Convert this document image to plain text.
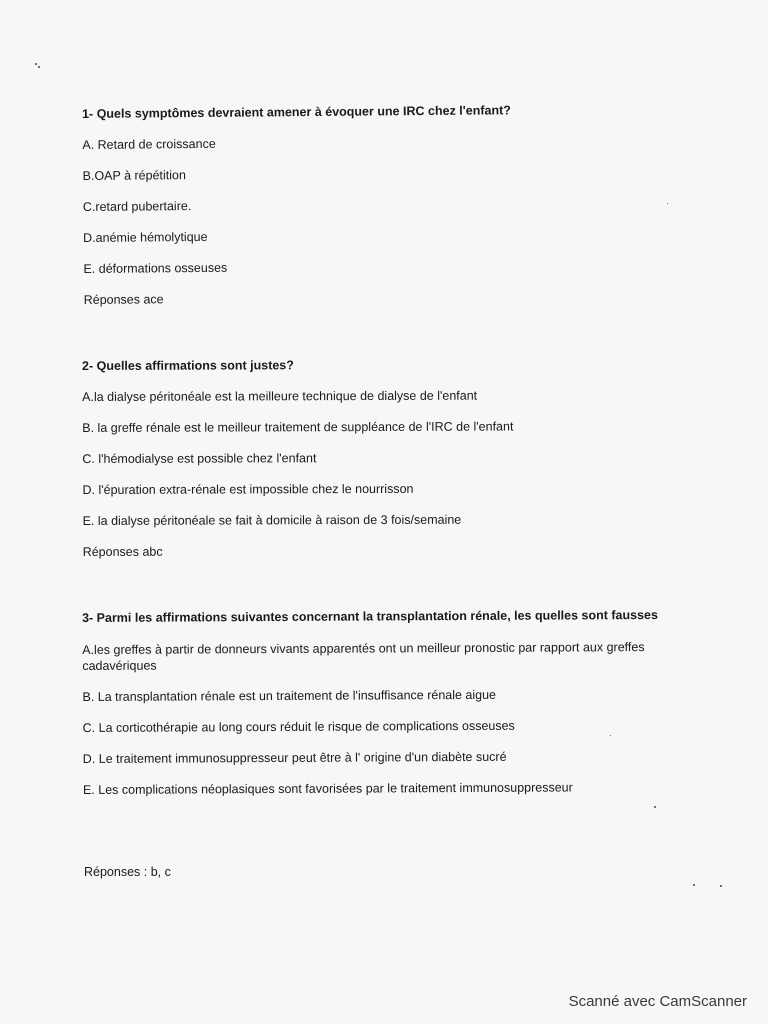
1- Quels symptômes devraient amener à évoquer une IRC chez l'enfant?

A. Retard de croissance

B.OAP à répétition

C.retard pubertaire.

D.anémie hémolytique

E. déformations osseuses

Réponses ace

2- Quelles affirmations sont justes?

A.la dialyse péritonéale est la meilleure technique de dialyse de l'enfant

B. la greffe rénale est le meilleur traitement de suppléance de l'IRC de l'enfant

C. l'hémodialyse est possible chez l'enfant

D. l'épuration extra-rénale est impossible chez le nourrisson

E. la dialyse péritonéale se fait à domicile à raison de 3 fois/semaine

Réponses abc

3- Parmi les affirmations suivantes concernant la transplantation rénale, les quelles sont fausses

A.les greffes à partir de donneurs vivants apparentés ont un meilleur pronostic par rapport aux greffes cadavériques

B. La transplantation rénale est un traitement de l'insuffisance rénale aigue

C. La corticothérapie au long cours réduit le risque de complications osseuses

D. Le traitement immunosuppresseur peut être à l' origine d'un diabète sucré

E. Les complications néoplasiques sont favorisées par le traitement immunosuppresseur

Réponses : b, c

Scanné avec CamScanner
